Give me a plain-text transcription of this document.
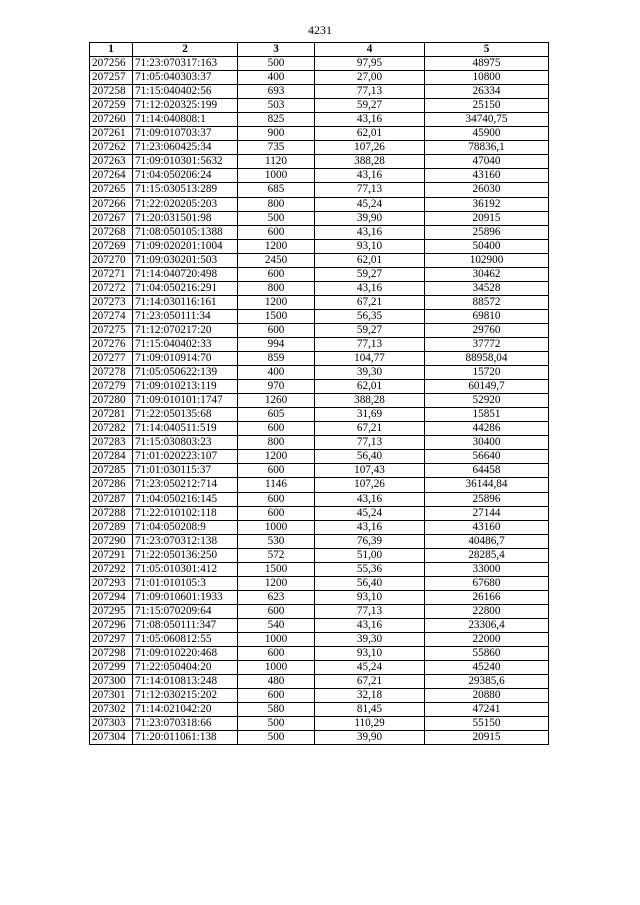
4231
1	2	3	4	5
207256	71:23:070317:163	500	97,95	48975
207257	71:05:040303:37	400	27,00	10800
207258	71:15:040402:56	693	77,13	26334
207259	71:12:020325:199	503	59,27	25150
207260	71:14:040808:1	825	43,16	34740,75
207261	71:09:010703:37	900	62,01	45900
207262	71:23:060425:34	735	107,26	78836,1
207263	71:09:010301:5632	1120	388,28	47040
207264	71:04:050206:24	1000	43,16	43160
207265	71:15:030513:289	685	77,13	26030
207266	71:22:020205:203	800	45,24	36192
207267	71:20:031501:98	500	39,90	20915
207268	71:08:050105:1388	600	43,16	25896
207269	71:09:020201:1004	1200	93,10	50400
207270	71:09:030201:503	2450	62,01	102900
207271	71:14:040720:498	600	59,27	30462
207272	71:04:050216:291	800	43,16	34528
207273	71:14:030116:161	1200	67,21	88572
207274	71:23:050111:34	1500	56,35	69810
207275	71:12:070217:20	600	59,27	29760
207276	71:15:040402:33	994	77,13	37772
207277	71:09:010914:70	859	104,77	88958,04
207278	71:05:050622:139	400	39,30	15720
207279	71:09:010213:119	970	62,01	60149,7
207280	71:09:010101:1747	1260	388,28	52920
207281	71:22:050135:68	605	31,69	15851
207282	71:14:040511:519	600	67,21	44286
207283	71:15:030803:23	800	77,13	30400
207284	71:01:020223:107	1200	56,40	56640
207285	71:01:030115:37	600	107,43	64458
207286	71:23:050212:714	1146	107,26	36144,84
207287	71:04:050216:145	600	43,16	25896
207288	71:22:010102:118	600	45,24	27144
207289	71:04:050208:9	1000	43,16	43160
207290	71:23:070312:138	530	76,39	40486,7
207291	71:22:050136:250	572	51,00	28285,4
207292	71:05:010301:412	1500	55,36	33000
207293	71:01:010105:3	1200	56,40	67680
207294	71:09:010601:1933	623	93,10	26166
207295	71:15:070209:64	600	77,13	22800
207296	71:08:050111:347	540	43,16	23306,4
207297	71:05:060812:55	1000	39,30	22000
207298	71:09:010220:468	600	93,10	55860
207299	71:22:050404:20	1000	45,24	45240
207300	71:14:010813:248	480	67,21	29385,6
207301	71:12:030215:202	600	32,18	20880
207302	71:14:021042:20	580	81,45	47241
207303	71:23:070318:66	500	110,29	55150
207304	71:20:011061:138	500	39,90	20915
